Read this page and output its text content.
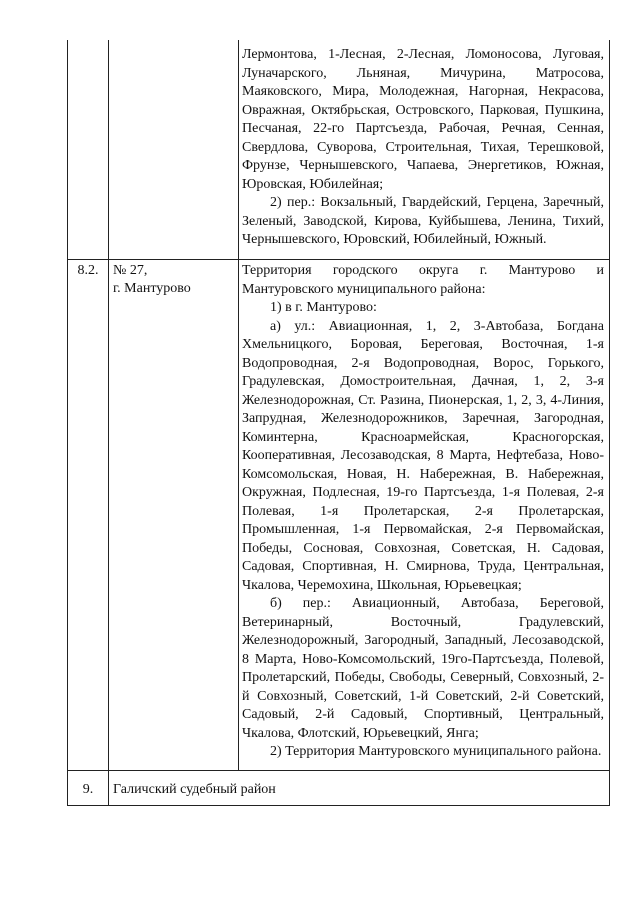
Лермонтова, 1-Лесная, 2-Лесная, Ломоносова, Луговая, Луначарского, Льняная, Мичурина, Матросова, Маяковского, Мира, Молодежная, Нагорная, Некрасова, Овражная, Октябрьская, Островского, Парковая, Пушкина, Песчаная, 22-го Партсъезда, Рабочая, Речная, Сенная, Свердлова, Суворова, Строительная, Тихая, Терешковой, Фрунзе, Чернышевского, Чапаева, Энергетиков, Южная, Юровская, Юбилейная;

2) пер.: Вокзальный, Гвардейский, Герцена, Заречный, Зеленый, Заводской, Кирова, Куйбышева, Ленина, Тихий, Чернышевского, Юровский, Юбилейный, Южный.

8.2.	№ 27,
г. Мантурово

Территория городского округа г. Мантурово и Мантуровского муниципального района:

1) в г. Мантурово:

а) ул.: Авиационная, 1, 2, 3-Автобаза, Богдана Хмельницкого, Боровая, Береговая, Восточная, 1-я Водопроводная, 2-я Водопроводная, Ворос, Горького, Градулевская, Домостроительная, Дачная, 1, 2, 3-я Железнодорожная, Ст. Разина, Пионерская, 1, 2, 3, 4-Линия, Запрудная, Железнодорожников, Заречная, Загородная, Коминтерна, Красноармейская, Красногорская, Кооперативная, Лесозаводская, 8 Марта, Нефтебаза, Ново-Комсомольская, Новая, Н. Набережная, В. Набережная, Окружная, Подлесная, 19-го Партсъезда, 1-я Полевая, 2-я Полевая, 1-я Пролетарская, 2-я Пролетарская, Промышленная, 1-я Первомайская, 2-я Первомайская, Победы, Сосновая, Совхозная, Советская, Н. Садовая, Садовая, Спортивная, Н. Смирнова, Труда, Центральная, Чкалова, Черемохина, Школьная, Юрьевецкая;

б) пер.: Авиационный, Автобаза, Береговой, Ветеринарный, Восточный, Градулевский, Железнодорожный, Загородный, Западный, Лесозаводской, 8 Марта, Ново-Комсомольский, 19го-Партсъезда, Полевой, Пролетарский, Победы, Свободы, Северный, Совхозный, 2-й Совхозный, Советский, 1-й Советский, 2-й Советский, Садовый, 2-й Садовый, Спортивный, Центральный, Чкалова, Флотский, Юрьевецкий, Янга;

2) Территория Мантуровского муниципального района.

9.	Галичский судебный район
